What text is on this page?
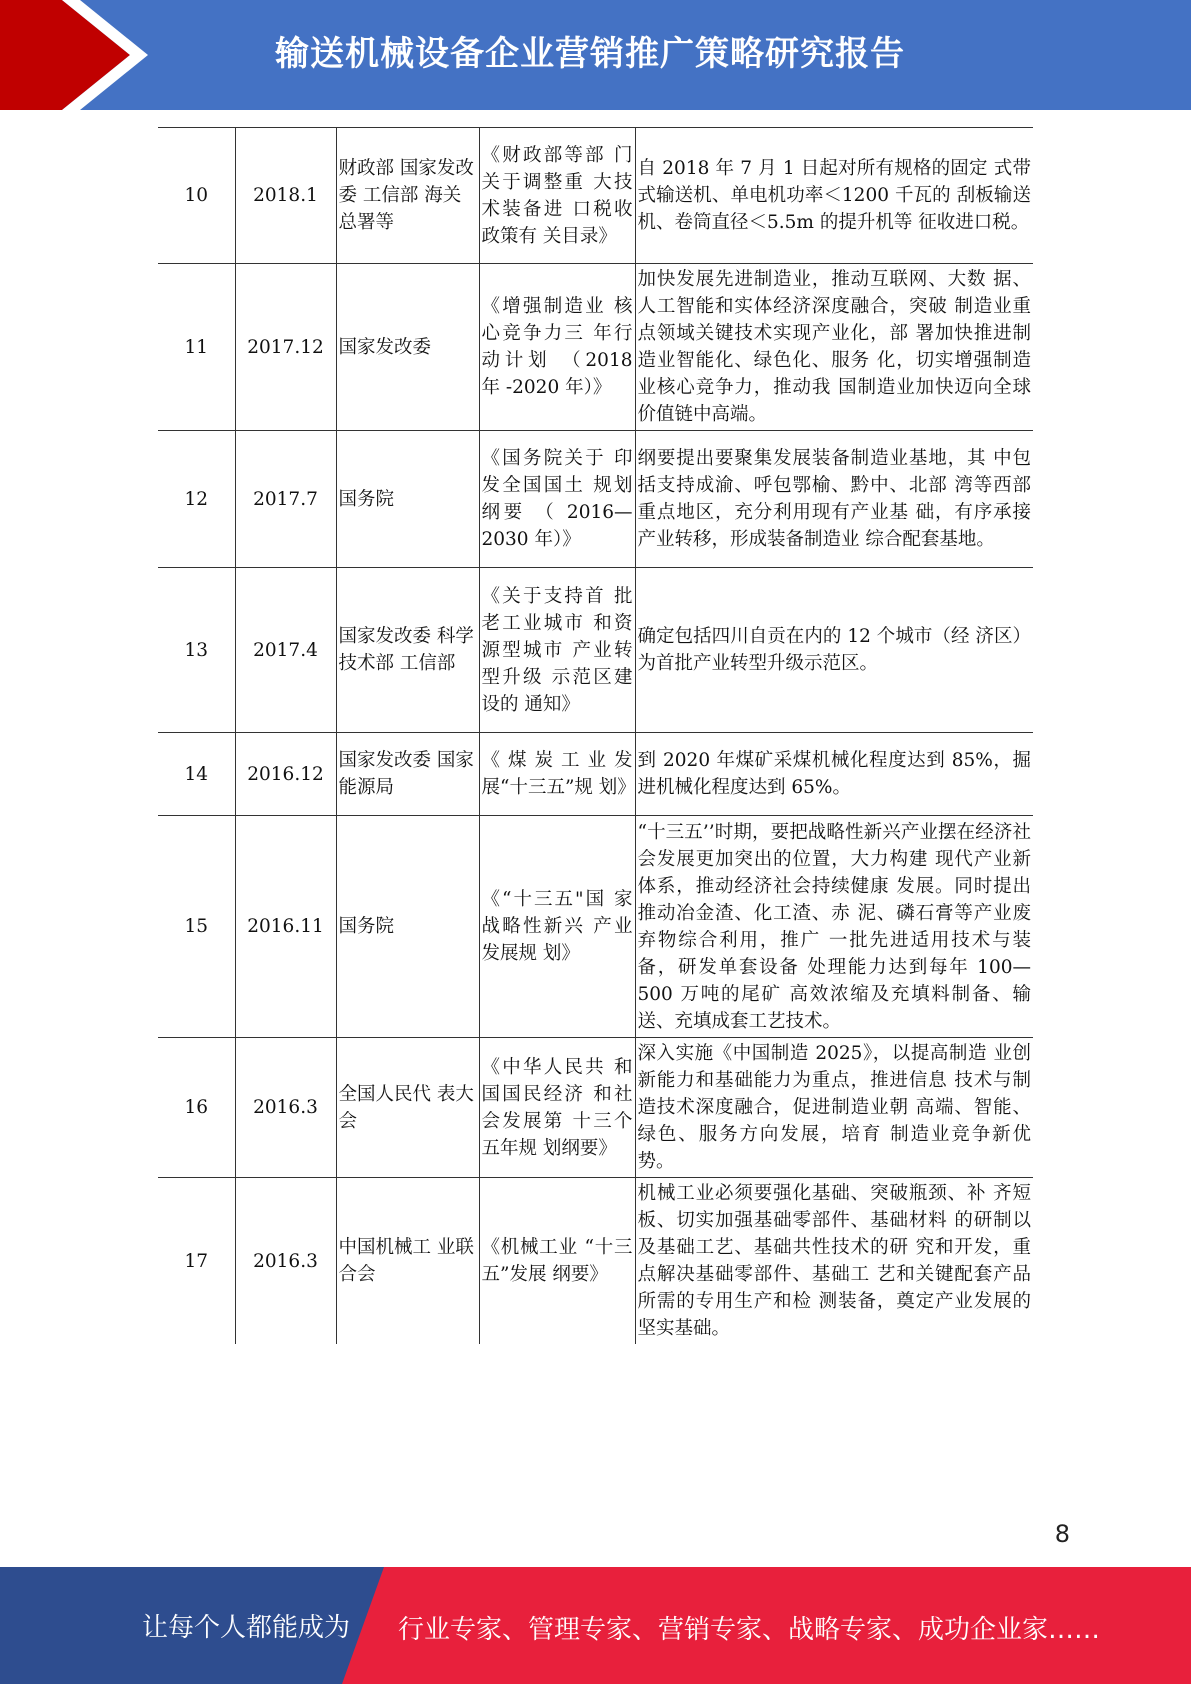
输送机械设备企业营销推广策略研究报告
10	2018.1	财政部 国家发改委 工信部 海关总署等	《财政部等部 门关于调整重 大技术装备进 口税收政策有 关目录》	自 2018 年 7 月 1 日起对所有规格的固定 式带式输送机、单电机功率＜1200 千瓦的 刮板输送机、卷筒直径＜5.5m 的提升机等 征收进口税。
11	2017.12	国家发改委	《增强制造业 核心竞争力三 年行动计划 （2018 年 -2020 年）》	加快发展先进制造业，推动互联网、大数 据、人工智能和实体经济深度融合，突破 制造业重点领域关键技术实现产业化，部 署加快推进制造业智能化、绿色化、服务 化，切实增强制造业核心竞争力，推动我 国制造业加快迈向全球价值链中高端。
12	2017.7	国务院	《国务院关于 印发全国国土 规划纲要 （ 2016—2030 年）》	纲要提出要聚集发展装备制造业基地，其 中包括支持成渝、呼包鄂榆、黔中、北部 湾等西部重点地区，充分利用现有产业基 础，有序承接产业转移，形成装备制造业 综合配套基地。
13	2017.4	国家发改委 科学技术部 工信部	《关于支持首 批老工业城市 和资源型城市 产业转型升级 示范区建设的 通知》	确定包括四川自贡在内的 12 个城市（经 济区）为首批产业转型升级示范区。
14	2016.12	国家发改委 国家能源局	《煤炭工业发 展“十三五”规 划》	到 2020 年煤矿采煤机械化程度达到 85%，掘进机械化程度达到 65%。
15	2016.11	国务院	《“十三五"国 家战略性新兴 产业发展规 划》	“十三五’’时期，要把战略性新兴产业摆在经济社会发展更加突出的位置，大力构建 现代产业新体系，推动经济社会持续健康 发展。同时提出推动冶金渣、化工渣、赤 泥、磷石膏等产业废弃物综合利用，推广 一批先进适用技术与装备，研发单套设备 处理能力达到每年 100—500 万吨的尾矿 高效浓缩及充填料制备、输送、充填成套工艺技术。
16	2016.3	全国人民代 表大会	《中华人民共 和国国民经济 和社会发展第 十三个五年规 划纲要》	深入实施《中国制造 2025》，以提高制造 业创新能力和基础能力为重点，推进信息 技术与制造技术深度融合，促进制造业朝 高端、智能、绿色、服务方向发展，培育 制造业竞争新优势。
17	2016.3	中国机械工 业联合会	《机械工业 “十三五”发展 纲要》	机械工业必须要强化基础、突破瓶颈、补 齐短板、切实加强基础零部件、基础材料 的研制以及基础工艺、基础共性技术的研 究和开发，重点解决基础零部件、基础工 艺和关键配套产品所需的专用生产和检 测装备，奠定产业发展的坚实基础。
8
让每个人都能成为 行业专家、管理专家、营销专家、战略专家、成功企业家……
